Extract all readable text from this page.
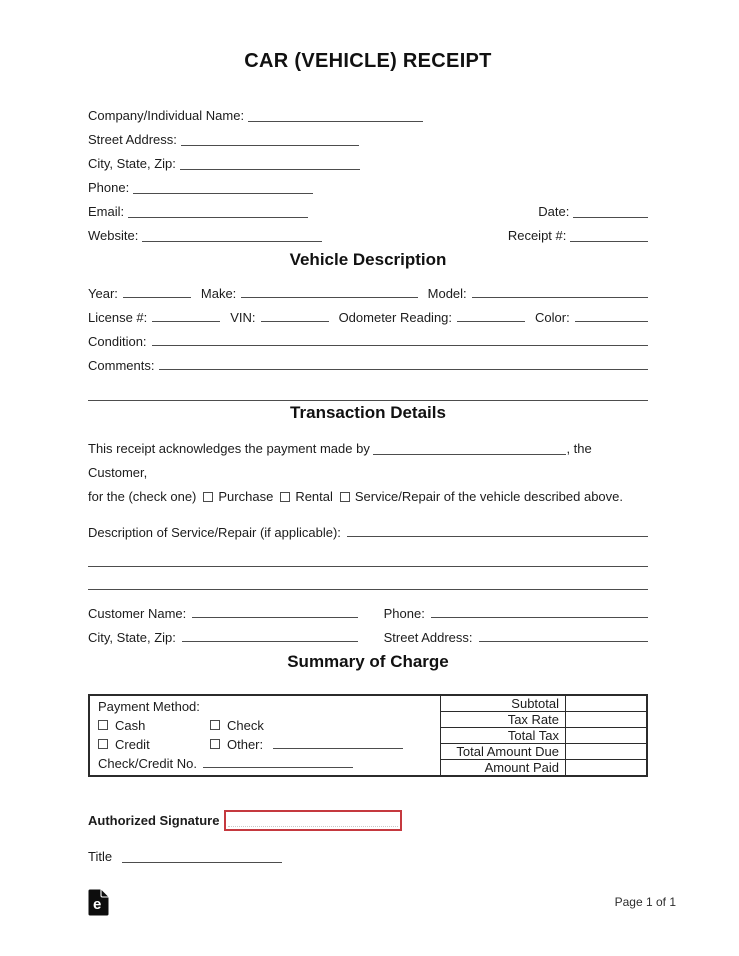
CAR (VEHICLE) RECEIPT
Company/Individual Name:
Street Address:
City, State, Zip:
Phone:
Email:	Date:
Website:	Receipt #:
Vehicle Description
Year:	Make:	Model:
License #:	VIN:	Odometer Reading:	Color:
Condition:
Comments:
Transaction Details
This receipt acknowledges the payment made by	, the Customer,
for the (check one) Purchase Rental Service/Repair of the vehicle described above.
Description of Service/Repair (if applicable):
Customer Name:	Phone:
City, State, Zip:	Street Address:
Summary of Charge
Payment Method:
Cash	Check
Credit	Other:
Check/Credit No.
Subtotal
Tax Rate
Total Tax
Total Amount Due
Amount Paid
Authorized Signature
Title
e	Page 1 of 1
